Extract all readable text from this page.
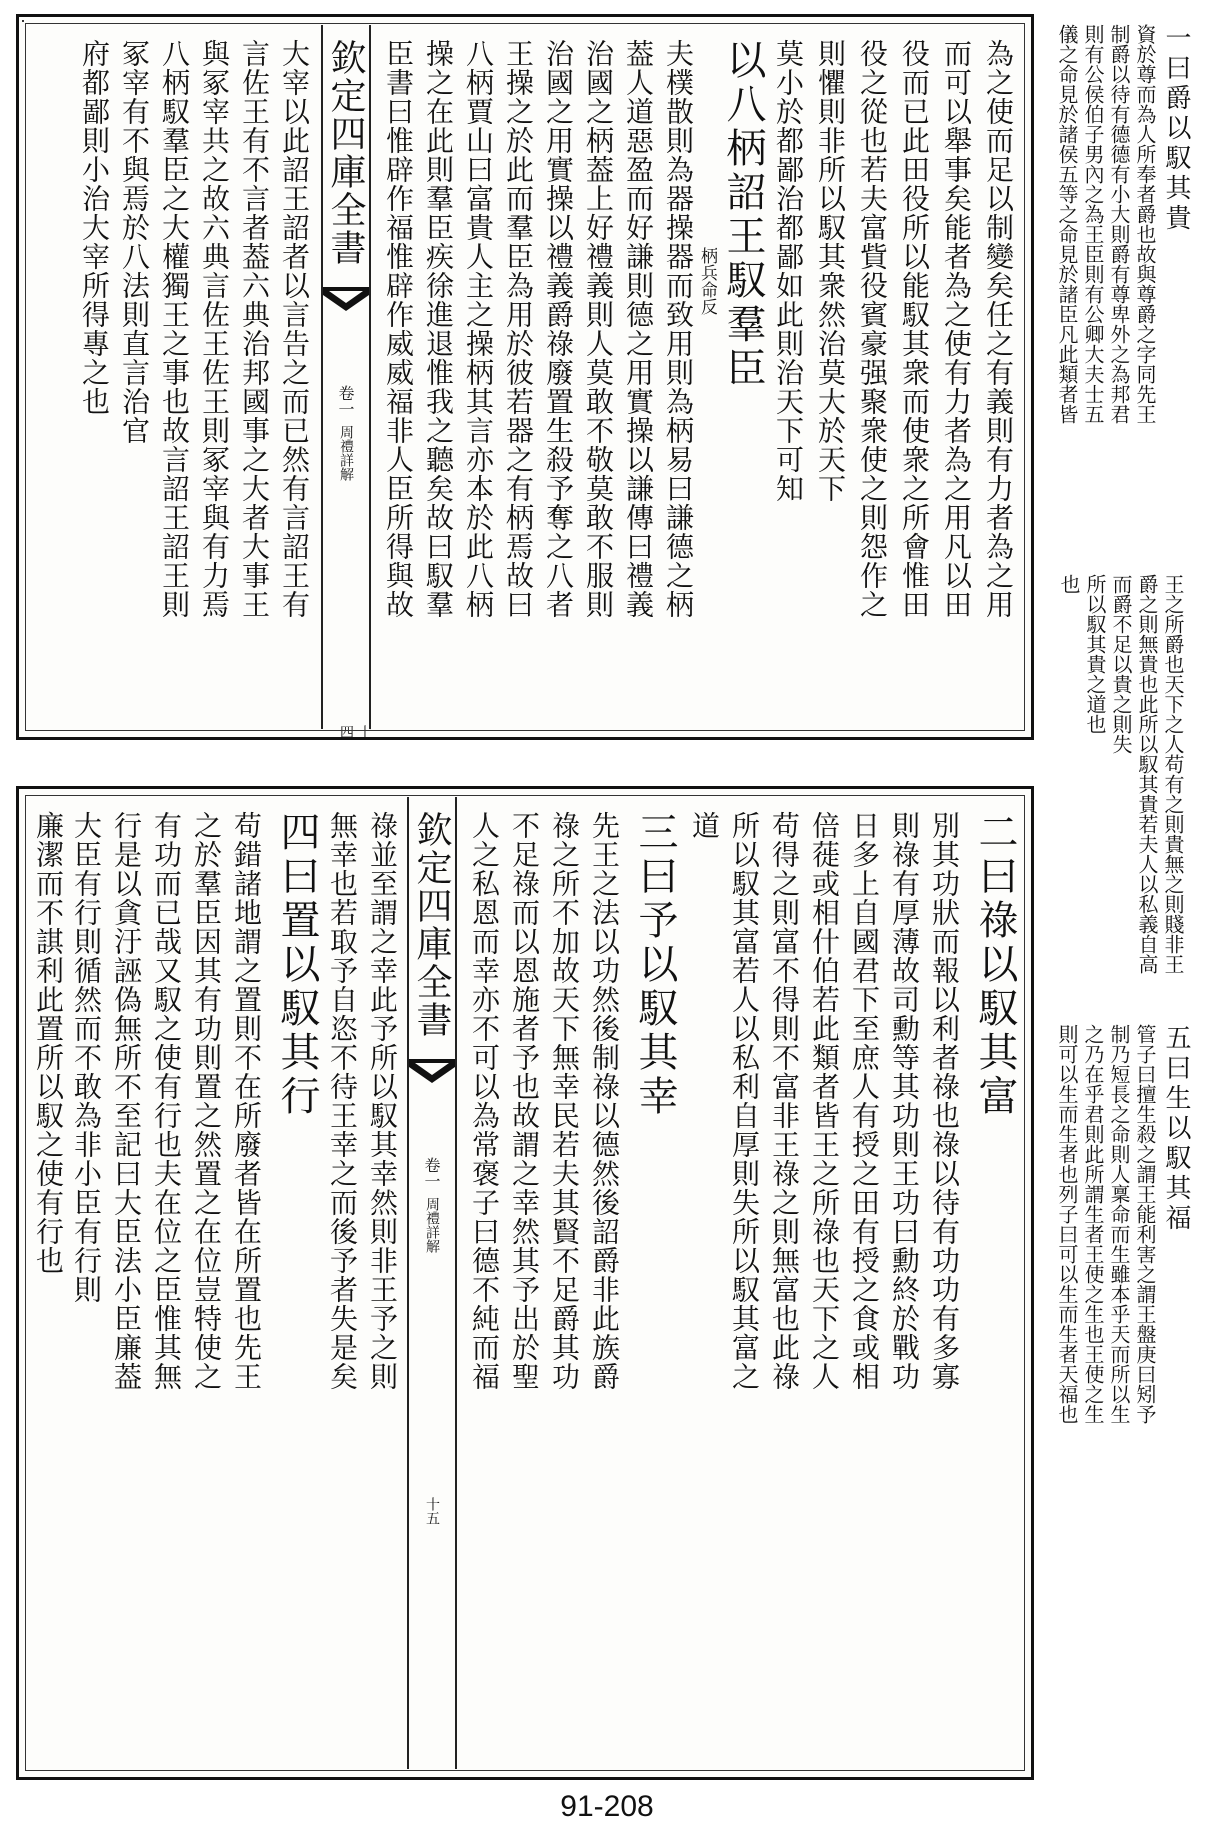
為之使而足以制變矣任之有義則有力者為之用
而可以舉事矣能者為之使有力者為之用凡以田
役而已此田役所以能馭其衆而使衆之所會惟田
役之從也若夫富貲役賓豪强聚衆使之則怨作之
則懼則非所以馭其衆然治莫大於天下
莫小於都鄙治都鄙如此則治天下可知
以八柄詔王馭羣臣
柄兵命反
夫樸㪚則為器操器而致用則為柄易曰謙德之柄
葢人道惡盈而好謙則德之用實操以謙傳曰禮義
治國之柄葢上好禮義則人莫敢不敬莫敢不服則
治國之用實操以禮義爵祿廢置生殺予奪之八者
王操之於此而羣臣為用於彼若器之有柄焉故曰
八柄賈山曰富貴人主之操柄其言亦本於此八柄
操之在此則羣臣疾徐進退惟我之聽矣故曰馭羣
臣書曰惟辟作福惟辟作威威福非人臣所得與故
欽定四庫全書
卷一
周禮詳解
十四
大宰以此詔王詔者以言告之而已然有言詔王有
言佐王有不言者葢六典治邦國事之大者大事王
與冢宰共之故六典言佐王佐王則冢宰與有力焉
八柄馭羣臣之大權獨王之事也故言詔王詔王則
冢宰有不與焉於八法則直言治官
府都鄙則小治大宰所得專之也
二曰祿以馭其富
別其功狀而報以利者祿也祿以待有功功有多寡
則祿有厚薄故司勳等其功則王功曰勳終於戰功
日多上自國君下至庶人有授之田有授之食或相
倍蓰或相什伯若此類者皆王之所祿也天下之人
苟得之則富不得則不富非王祿之則無富也此祿
所以馭其富若人以私利自厚則失所以馭其富之
道
三曰予以馭其幸
先王之法以功然後制祿以德然後詔爵非此族爵
祿之所不加故天下無幸民若夫其賢不足爵其功
不足祿而以恩施者予也故謂之幸然其予出於聖
人之私恩而幸亦不可以為常褒子曰德不純而福
欽定四庫全書
卷一
周禮詳解
十五
祿並至謂之幸此予所以馭其幸然則非王予之則
無幸也若取予自恣不待王幸之而後予者失是矣
四曰置以馭其行
苟錯諸地謂之置則不在所廢者皆在所置也先王
之於羣臣因其有功則置之然置之在位豈特使之
有功而已哉又馭之使有行也夫在位之臣惟其無
行是以貪汙誣偽無所不至記曰大臣法小臣廉葢
大臣有行則循然而不敢為非小臣有行則
廉潔而不諆利此置所以馭之使有行也
一曰爵以馭其貴
資於尊而為人所奉者爵也故與尊爵之字同先王
制爵以待有德德有小大則爵有尊卑外之為邦君
則有公侯伯子男內之為王臣則有公卿大夫士五
儀之命見於諸侯五等之命見於諸臣凡此類者皆
王之所爵也天下之人苟有之則貴無之則賤非王
爵之則無貴也此所以馭其貴若夫人以私義自高
而爵不足以貴之則失
所以馭其貴之道也
也
五曰生以馭其福
管子曰擅生殺之謂王能利害之謂王盤庚曰矧予
制乃短長之命則人稟命而生雖本乎天而所以生
之乃在乎君則此所謂生者王使之生也王使之生
則可以生而生者也列子曰可以生而生者天福也
91-208
